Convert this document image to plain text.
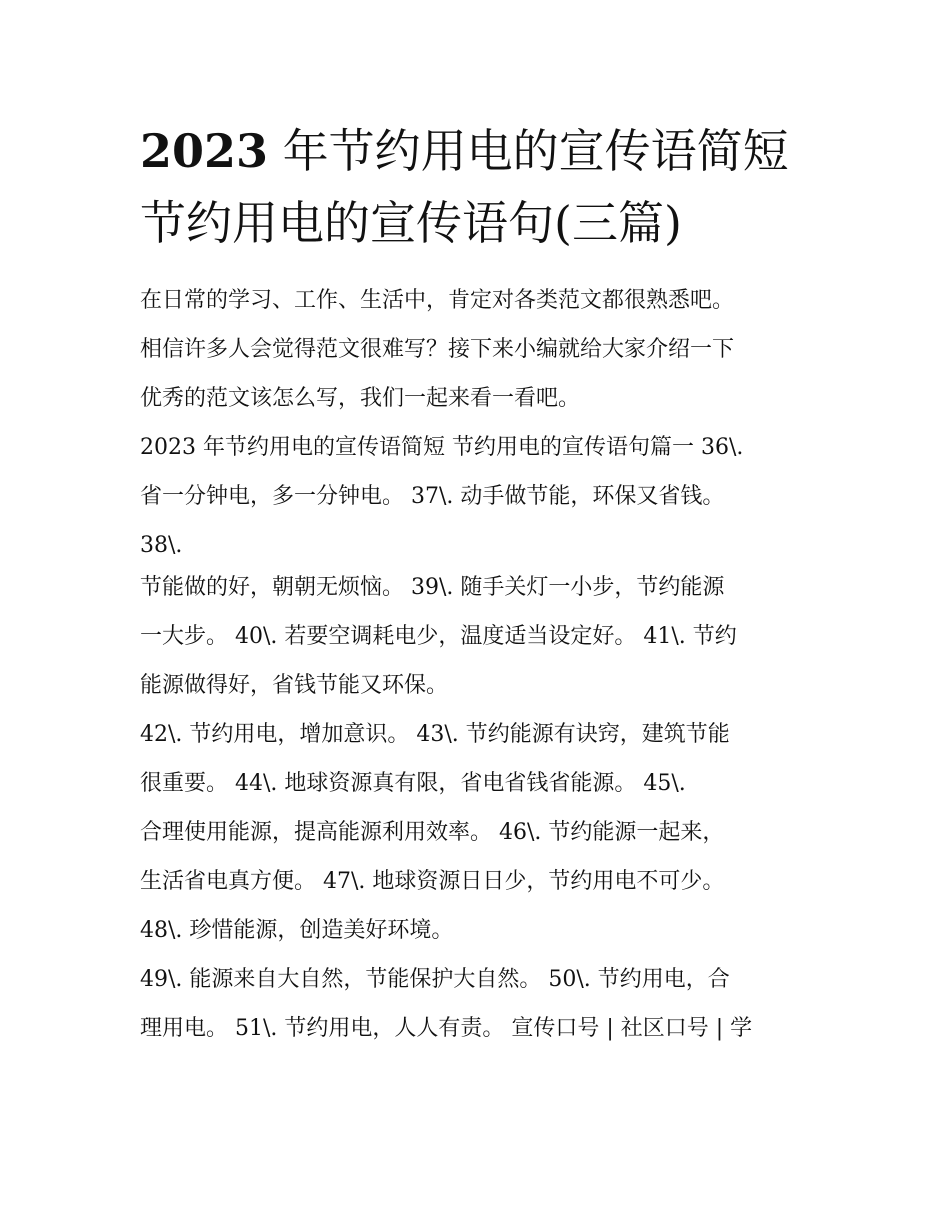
2023 年节约用电的宣传语简短
节约用电的宣传语句(三篇)
在日常的学习、工作、生活中，肯定对各类范文都很熟悉吧。
相信许多人会觉得范文很难写？接下来小编就给大家介绍一下
优秀的范文该怎么写，我们一起来看一看吧。
2023 年节约用电的宣传语简短 节约用电的宣传语句篇一 36\.
省一分钟电，多一分钟电。 37\. 动手做节能，环保又省钱。
38\.
节能做的好，朝朝无烦恼。 39\. 随手关灯一小步，节约能源
一大步。 40\. 若要空调耗电少，温度适当设定好。 41\. 节约
能源做得好，省钱节能又环保。
42\. 节约用电，增加意识。 43\. 节约能源有诀窍，建筑节能
很重要。 44\. 地球资源真有限，省电省钱省能源。 45\.
合理使用能源，提高能源利用效率。 46\. 节约能源一起来，
生活省电真方便。 47\. 地球资源日日少，节约用电不可少。
48\. 珍惜能源，创造美好环境。
49\. 能源来自大自然，节能保护大自然。 50\. 节约用电，合
理用电。 51\. 节约用电，人人有责。 宣传口号 | 社区口号 | 学
